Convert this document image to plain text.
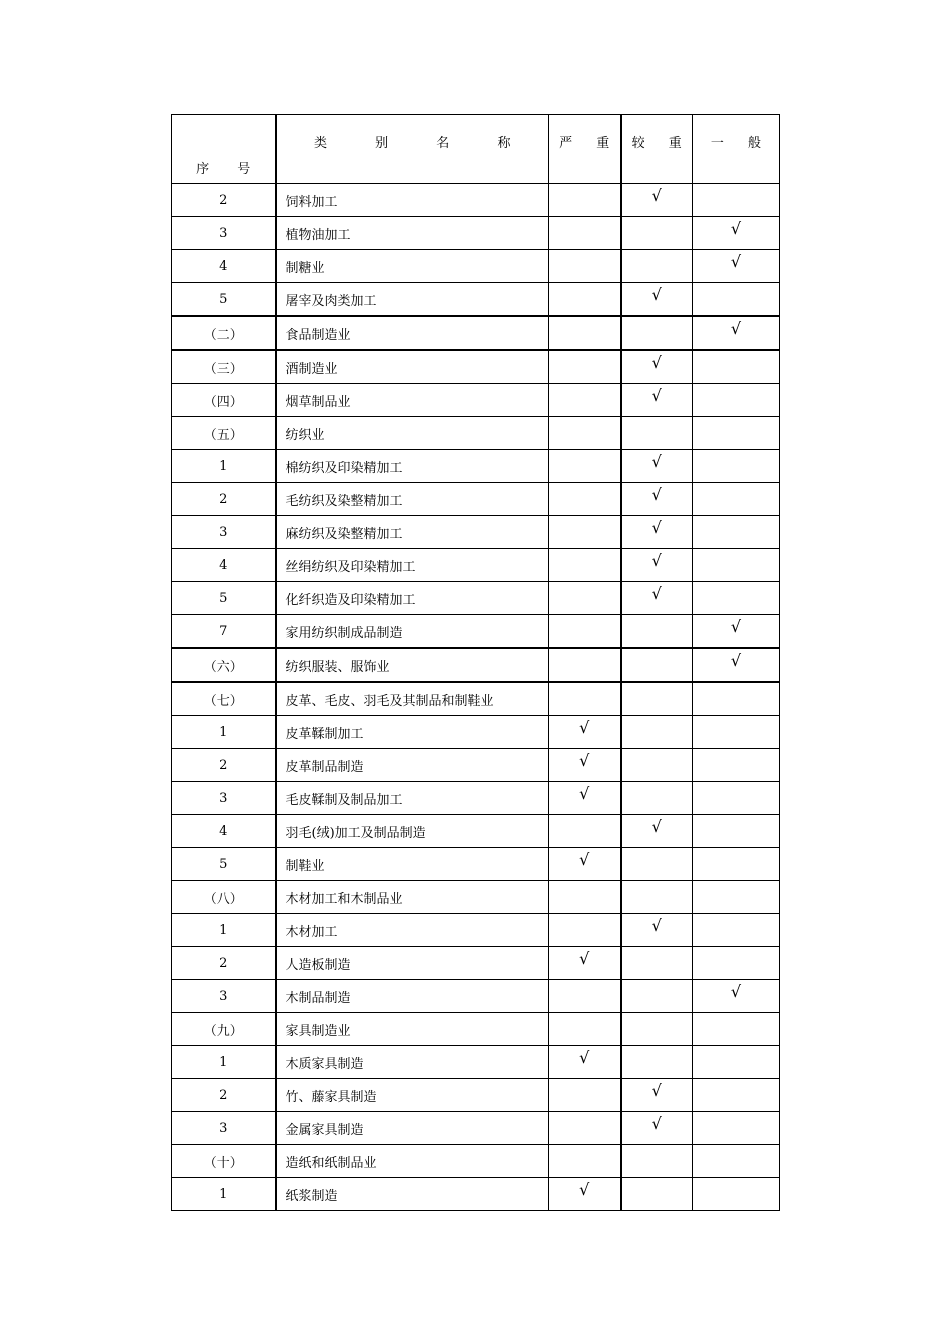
序 号	类 别 名 称	严 重	较 重	一 般
2	饲料加工		√	
3	植物油加工			√
4	制糖业			√
5	屠宰及肉类加工		√	
（二）	食品制造业			√
（三）	酒制造业		√	
（四）	烟草制品业		√	
（五）	纺织业			
1	棉纺织及印染精加工		√	
2	毛纺织及染整精加工		√	
3	麻纺织及染整精加工		√	
4	丝绢纺织及印染精加工		√	
5	化纤织造及印染精加工		√	
7	家用纺织制成品制造			√
（六）	纺织服装、服饰业			√
（七）	皮革、毛皮、羽毛及其制品和制鞋业			
1	皮革鞣制加工	√		
2	皮革制品制造	√		
3	毛皮鞣制及制品加工	√		
4	羽毛(绒)加工及制品制造		√	
5	制鞋业	√		
（八）	木材加工和木制品业			
1	木材加工		√	
2	人造板制造	√		
3	木制品制造			√
（九）	家具制造业			
1	木质家具制造	√		
2	竹、藤家具制造		√	
3	金属家具制造		√	
（十）	造纸和纸制品业			
1	纸浆制造	√		
